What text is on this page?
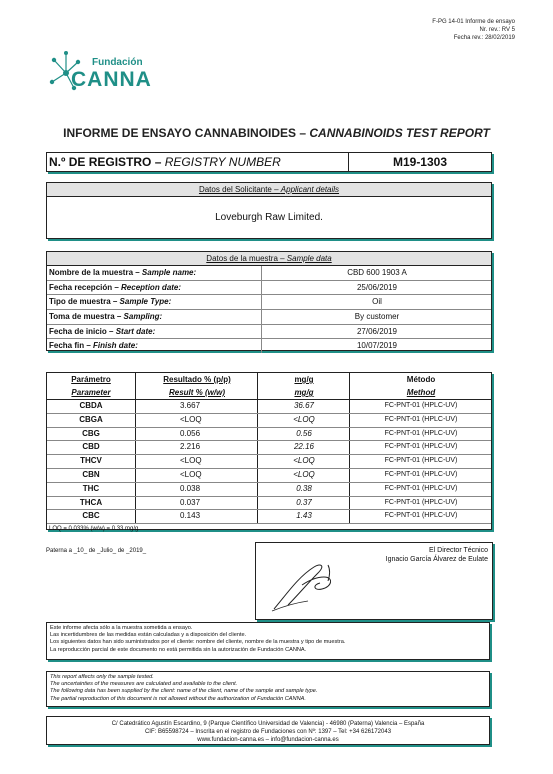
F-PG 14-01 Informe de ensayo
Nr. rev.: RV 5
Fecha rev.: 28/02/2019
Fundación
CANNA
INFORME DE ENSAYO CANNABINOIDES – CANNABINOIDS TEST REPORT
N.º DE REGISTRO – REGISTRY NUMBER	M19-1303
Datos del Solicitante – Applicant details
Loveburgh Raw Limited.
Datos de la muestra – Sample data
Nombre de la muestra – Sample name:	CBD 600 1903 A
Fecha recepción – Reception date:	25/06/2019
Tipo de muestra – Sample Type:	Oil
Toma de muestra – Sampling:	By customer
Fecha de inicio – Start date:	27/06/2019
Fecha fin – Finish date:	10/07/2019
Parámetro	Resultado % (p/p)	mg/g	Método
Parameter	Result % (w/w)	mg/g	Method
CBDA	3.667	36.67	FC-PNT-01 (HPLC-UV)
CBGA	<LOQ	<LOQ	FC-PNT-01 (HPLC-UV)
CBG	0.056	0.56	FC-PNT-01 (HPLC-UV)
CBD	2.216	22.16	FC-PNT-01 (HPLC-UV)
THCV	<LOQ	<LOQ	FC-PNT-01 (HPLC-UV)
CBN	<LOQ	<LOQ	FC-PNT-01 (HPLC-UV)
THC	0.038	0.38	FC-PNT-01 (HPLC-UV)
THCA	0.037	0.37	FC-PNT-01 (HPLC-UV)
CBC	0.143	1.43	FC-PNT-01 (HPLC-UV)
LOQ = 0.033% (w/w) = 0.33 mg/g
Paterna a _10_ de _Julio_ de _2019_	El Director Técnico
Ignacio García Álvarez de Eulate
Este informe afecta sólo a la muestra sometida a ensayo.
Las incertidumbres de las medidas están calculadas y a disposición del cliente.
Los siguientes datos han sido suministrados por el cliente: nombre del cliente, nombre de la muestra y tipo de muestra.
La reproducción parcial de este documento no está permitida sin la autorización de Fundación CANNA.
This report affects only the sample tested.
The uncertainties of the measures are calculated and available to the client.
The following data has been supplied by the client: name of the client, name of the sample and sample type.
The partial reproduction of this document is not allowed without the authorization of Fundación CANNA.
C/ Catedrático Agustín Escardino, 9 (Parque Científico Universidad de Valencia) - 46980 (Paterna) Valencia – España
CIF: B65598724 – Inscrita en el registro de Fundaciones con Nº: 1397 – Tel: +34 626172043
www.fundacion-canna.es – info@fundacion-canna.es
